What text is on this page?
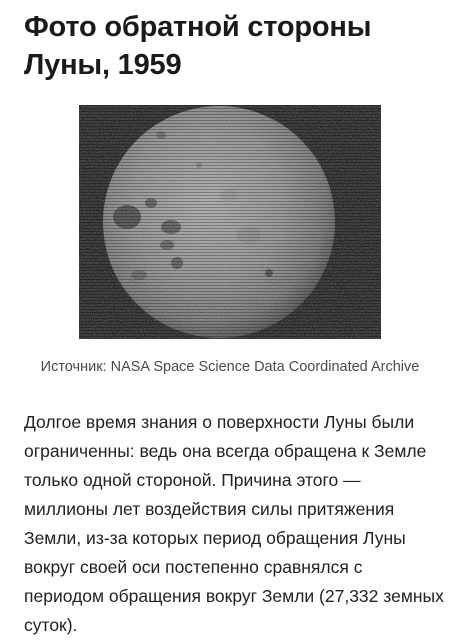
Фото обратной стороны Луны, 1959

Источник: NASA Space Science Data Coordinated Archive

Долгое время знания о поверхности Луны были ограниченны: ведь она всегда обращена к Земле только одной стороной. Причина этого — миллионы лет воздействия силы притяжения Земли, из-за которых период обращения Луны вокруг своей оси постепенно сравнялся с периодом обращения вокруг Земли (27,332 земных суток).
